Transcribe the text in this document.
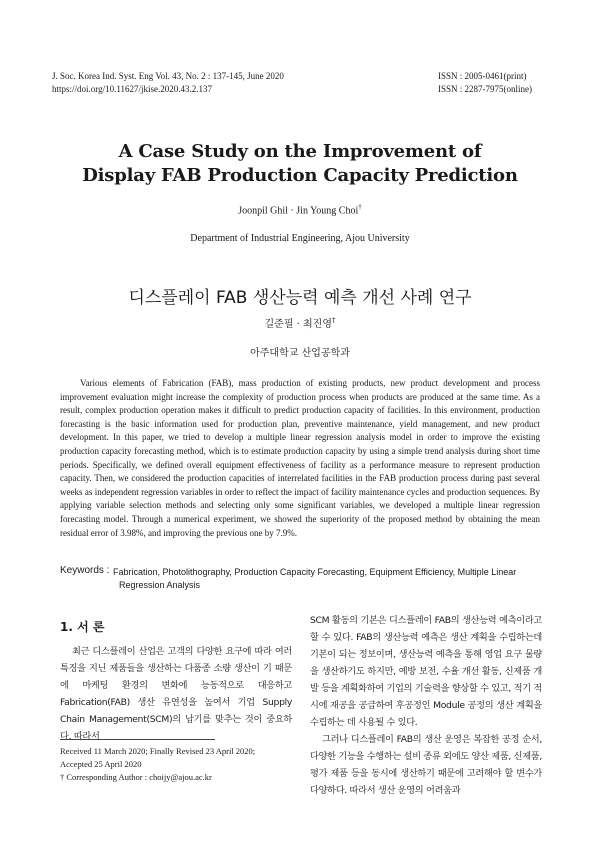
J. Soc. Korea Ind. Syst. Eng Vol. 43, No. 2 : 137-145, June 2020
https://doi.org/10.11627/jkise.2020.43.2.137
ISSN : 2005-0461(print)
ISSN : 2287-7975(online)
A Case Study on the Improvement of
Display FAB Production Capacity Prediction
Joonpil Ghil · Jin Young Choi†
Department of Industrial Engineering, Ajou University
디스플레이 FAB 생산능력 예측 개선 사례 연구
길준필 · 최진영†
아주대학교 산업공학과
Various elements of Fabrication (FAB), mass production of existing products, new product development and process improvement evaluation might increase the complexity of production process when products are produced at the same time. As a result, complex production operation makes it difficult to predict production capacity of facilities. In this environment, production forecasting is the basic information used for production plan, preventive maintenance, yield management, and new product development. In this paper, we tried to develop a multiple linear regression analysis model in order to improve the existing production capacity forecasting method, which is to estimate production capacity by using a simple trend analysis during short time periods. Specifically, we defined overall equipment effectiveness of facility as a performance measure to represent production capacity. Then, we considered the production capacities of interrelated facilities in the FAB production process during past several weeks as independent regression variables in order to reflect the impact of facility maintenance cycles and production sequences. By applying variable selection methods and selecting only some significant variables, we developed a multiple linear regression forecasting model. Through a numerical experiment, we showed the superiority of the proposed method by obtaining the mean residual error of 3.98%, and improving the previous one by 7.9%.
Keywords : Fabrication, Photolithography, Production Capacity Forecasting, Equipment Efficiency, Multiple Linear Regression Analysis
1. 서 론
최근 디스플레이 산업은 고객의 다양한 요구에 따라 여러 특징을 지닌 제품들을 생산하는 다품종 소량 생산이 기 때문에 마케팅 환경의 변화에 능동적으로 대응하고 Fabrication(FAB) 생산 유연성을 높여서 기업 Supply Chain Management(SCM)의 납기를 맞추는 것이 중요하다. 따라서

SCM 활동의 기본은 디스플레이 FAB의 생산능력 예측이라고 할 수 있다. FAB의 생산능력 예측은 생산 계획을 수립하는데 기본이 되는 정보이며, 생산능력 예측을 통해 영업 요구 물량을 생산하기도 하지만, 예방 보전, 수율 개선 활동, 신제품 개발 등을 계획화하여 기업의 기술력을 향상할 수 있고, 적기 적시에 재공을 공급하여 후공정인 Module 공정의 생산 계획을 수립하는 데 사용될 수 있다.

그러나 디스플레이 FAB의 생산 운영은 복잡한 공정 순서, 다양한 기능을 수행하는 설비 종류 외에도 양산 제품, 신제품, 평가 제품 등을 동시에 생산하기 때문에 고려해야 할 변수가 다양하다. 따라서 생산 운영의 어려움과

Received 11 March 2020; Finally Revised 23 April 2020;
Accepted 25 April 2020
† Corresponding Author : choijy@ajou.ac.kr
